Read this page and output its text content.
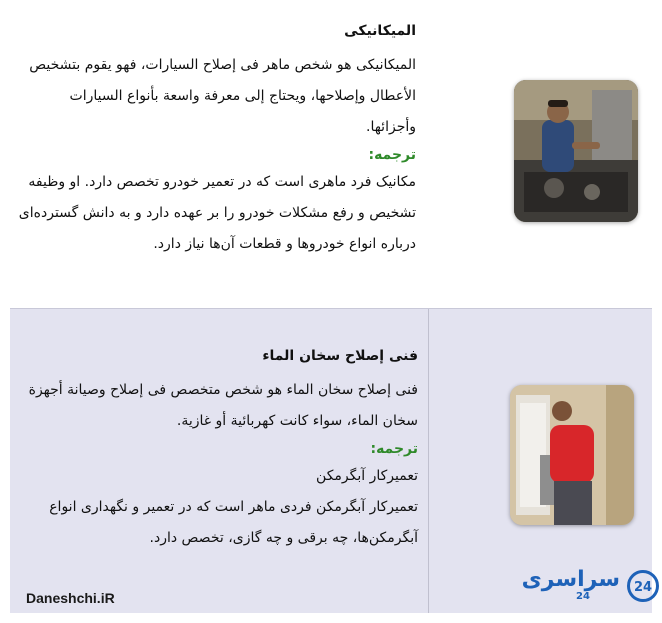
الميكانيكى

الميكانيكى هو شخص ماهر فى إصلاح السيارات، فهو يقوم بتشخيص الأعطال وإصلاحها، ويحتاج إلى معرفة واسعة بأنواع السيارات وأجزائها.

ترجمه:

مکانیک فرد ماهری است که در تعمیر خودرو تخصص دارد. او وظیفه تشخیص و رفع مشکلات خودرو را بر عهده دارد و به دانش گسترده‌ای درباره انواع خودروها و قطعات آن‌ها نیاز دارد.

فنى إصلاح سخان الماء

فنى إصلاح سخان الماء هو شخص متخصص فى إصلاح وصيانة أجهزة سخان الماء، سواء كانت كهربائية أو غازية.

ترجمه:

تعمیرکار آبگرمکن

تعمیرکار آبگرمکن فردی ماهر است که در تعمیر و نگهداری انواع آبگرمکن‌ها، چه برقی و چه گازی، تخصص دارد.

Daneshchi.iR
سراسری
24
24
